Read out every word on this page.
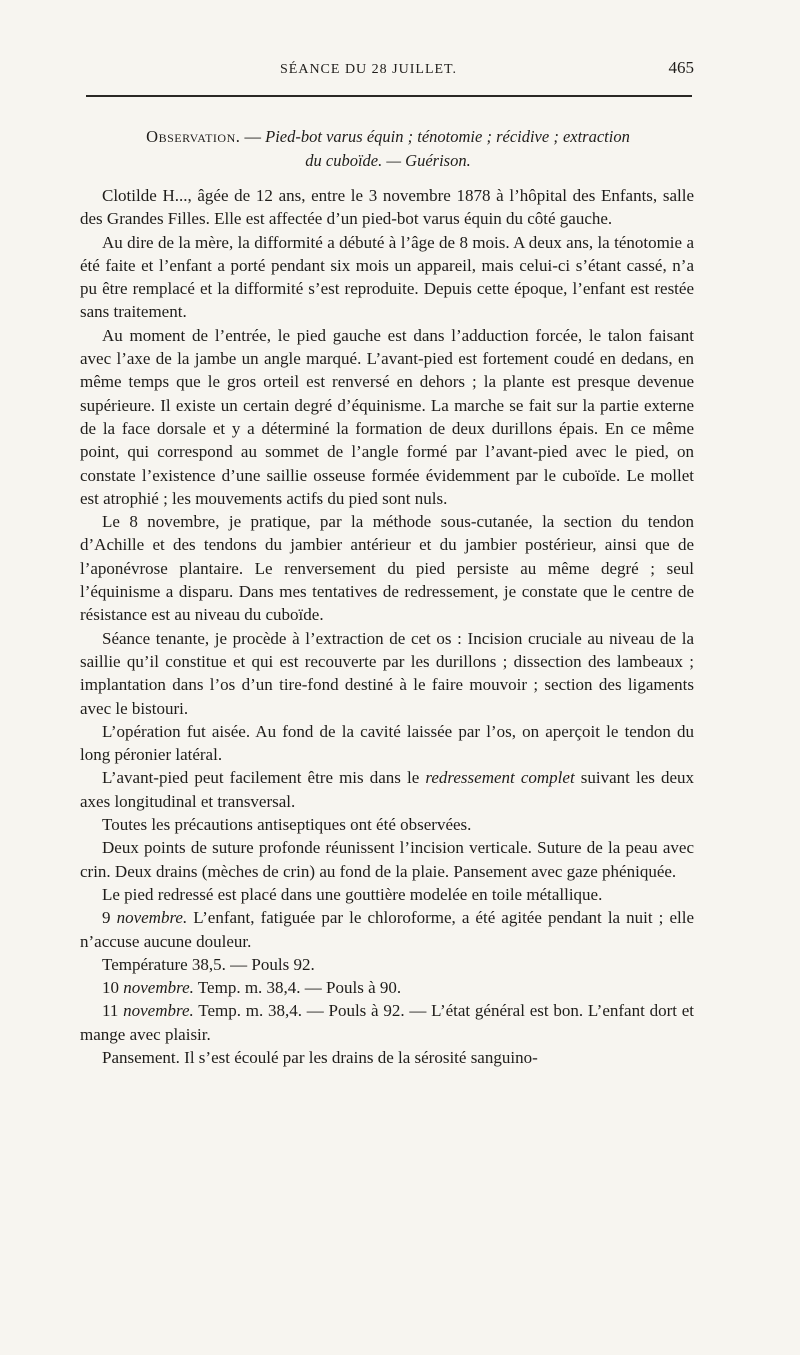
SÉANCE DU 28 JUILLET.	465
Observation. — Pied-bot varus équin ; ténotomie ; récidive ; extraction
du cuboïde. — Guérison.

Clotilde H..., âgée de 12 ans, entre le 3 novembre 1878 à l’hôpital des Enfants, salle des Grandes Filles. Elle est affectée d’un pied-bot varus équin du côté gauche.

Au dire de la mère, la difformité a débuté à l’âge de 8 mois. A deux ans, la ténotomie a été faite et l’enfant a porté pendant six mois un appareil, mais celui-ci s’étant cassé, n’a pu être remplacé et la difformité s’est reproduite. Depuis cette époque, l’enfant est restée sans traitement.

Au moment de l’entrée, le pied gauche est dans l’adduction forcée, le talon faisant avec l’axe de la jambe un angle marqué. L’avant-pied est fortement coudé en dedans, en même temps que le gros orteil est renversé en dehors ; la plante est presque devenue supérieure. Il existe un certain degré d’équinisme. La marche se fait sur la partie externe de la face dorsale et y a déterminé la formation de deux durillons épais. En ce même point, qui correspond au sommet de l’angle formé par l’avant-pied avec le pied, on constate l’existence d’une saillie osseuse formée évidemment par le cuboïde. Le mollet est atrophié ; les mouvements actifs du pied sont nuls.

Le 8 novembre, je pratique, par la méthode sous-cutanée, la section du tendon d’Achille et des tendons du jambier antérieur et du jambier postérieur, ainsi que de l’aponévrose plantaire. Le renversement du pied persiste au même degré ; seul l’équinisme a disparu. Dans mes tentatives de redressement, je constate que le centre de résistance est au niveau du cuboïde.

Séance tenante, je procède à l’extraction de cet os : Incision cruciale au niveau de la saillie qu’il constitue et qui est recouverte par les durillons ; dissection des lambeaux ; implantation dans l’os d’un tire-fond destiné à le faire mouvoir ; section des ligaments avec le bistouri.

L’opération fut aisée. Au fond de la cavité laissée par l’os, on aperçoit le tendon du long péronier latéral.

L’avant-pied peut facilement être mis dans le redressement complet suivant les deux axes longitudinal et transversal.

Toutes les précautions antiseptiques ont été observées.

Deux points de suture profonde réunissent l’incision verticale. Suture de la peau avec crin. Deux drains (mèches de crin) au fond de la plaie. Pansement avec gaze phéniquée.

Le pied redressé est placé dans une gouttière modelée en toile métallique.

9 novembre. L’enfant, fatiguée par le chloroforme, a été agitée pendant la nuit ; elle n’accuse aucune douleur.

Température 38,5. — Pouls 92.

10 novembre. Temp. m. 38,4. — Pouls à 90.

11 novembre. Temp. m. 38,4. — Pouls à 92. — L’état général est bon. L’enfant dort et mange avec plaisir.

Pansement. Il s’est écoulé par les drains de la sérosité sanguino-
